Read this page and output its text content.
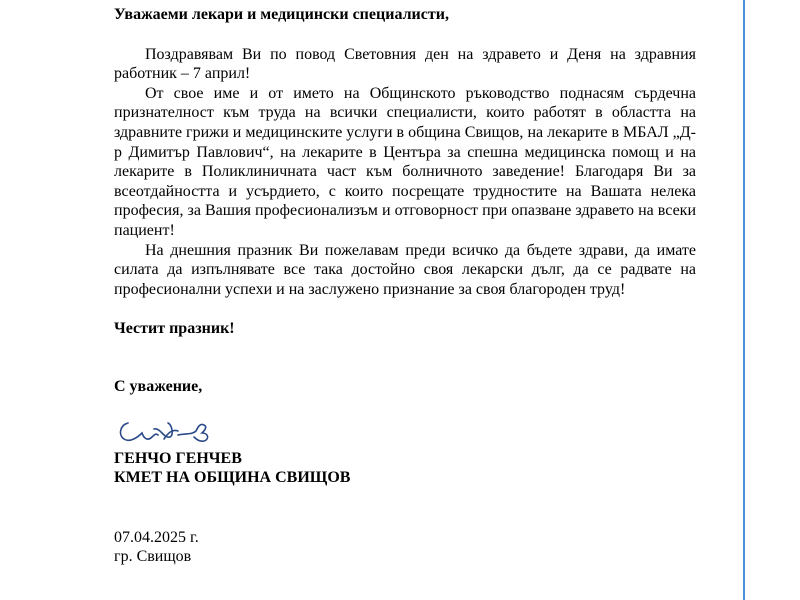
Уважаеми лекари и медицински специалисти,

Поздравявам Ви по повод Световния ден на здравето и Деня на здравния работник – 7 април!

От свое име и от името на Общинското ръководство поднасям сърдечна признателност към труда на всички специалисти, които работят в областта на здравните грижи и медицинските услуги в община Свищов, на лекарите в МБАЛ „Д-р Димитър Павлович“, на лекарите в Центъра за спешна медицинска помощ и на лекарите в Поликлиничната част към болничното заведение! Благодаря Ви за всеотдайността и усърдието, с които посрещате трудностите на Вашата нелека професия, за Вашия професионализъм и отговорност при опазване здравето на всеки пациент!

На днешния празник Ви пожелавам преди всичко да бъдете здрави, да имате силата да изпълнявате все така достойно своя лекарски дълг, да се радвате на професионални успехи и на заслужено признание за своя благороден труд!

Честит празник!

С уважение,

ГЕНЧО ГЕНЧЕВ

КМЕТ НА ОБЩИНА СВИЩОВ

07.04.2025 г.

гр. Свищов
